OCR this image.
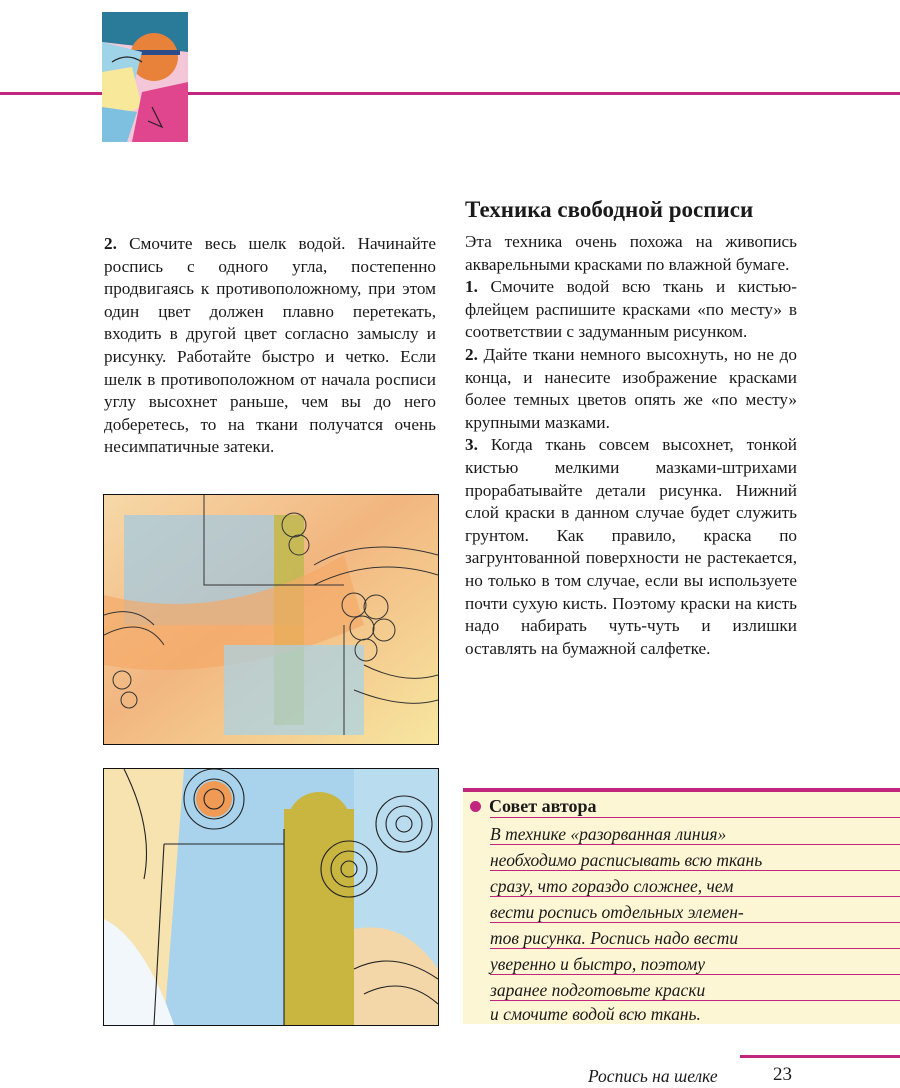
2. Смочите весь шелк водой. Начинайте роспись с одного угла, постепенно продвигаясь к противоположному, при этом один цвет должен плавно перетекать, входить в другой цвет согласно замыслу и рисунку. Работайте быстро и четко. Если шелк в противоположном от начала росписи углу высохнет раньше, чем вы до него доберетесь, то на ткани получатся очень несимпатичные затеки.

Техника свободной росписи

Эта техника очень похожа на живопись акварельными красками по влажной бумаге.

1. Смочите водой всю ткань и кистью-флейцем распишите красками «по месту» в соответствии с задуманным рисунком.

2. Дайте ткани немного высохнуть, но не до конца, и нанесите изображение красками более темных цветов опять же «по месту» крупными мазками.

3. Когда ткань совсем высохнет, тонкой кистью мелкими мазками-штрихами прорабатывайте детали рисунка. Нижний слой краски в данном случае будет служить грунтом. Как правило, краска по загрунтованной поверхности не растекается, но только в том случае, если вы используете почти сухую кисть. Поэтому краски на кисть надо набирать чуть-чуть и излишки оставлять на бумажной салфетке.

Совет автора
В технике «разорванная линия»
необходимо расписывать всю ткань
сразу, что гораздо сложнее, чем
вести роспись отдельных элемен-
тов рисунка. Роспись надо вести
уверенно и быстро, поэтому
заранее подготовьте краски
и смочите водой всю ткань.
Роспись на шелке	23
